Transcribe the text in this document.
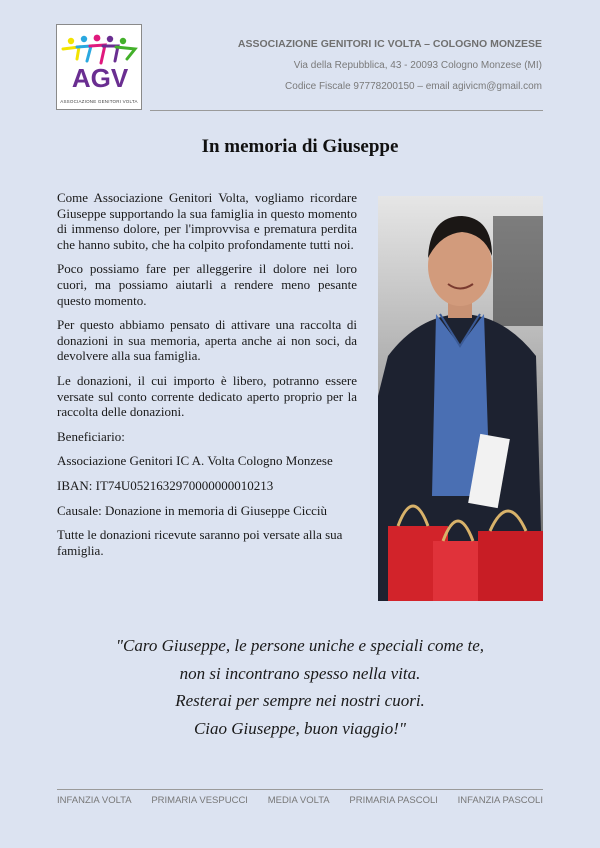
AGV
ASSOCIAZIONE GENITORI VOLTA
ASSOCIAZIONE GENITORI IC VOLTA – COLOGNO MONZESE
Via della Repubblica, 43 - 20093 Cologno Monzese (MI)
Codice Fiscale 97778200150 – email agivicm@gmail.com
In memoria di Giuseppe

Come Associazione Genitori Volta, vogliamo ricordare Giuseppe supportando la sua famiglia in questo momento di immenso dolore, per l'improvvisa e prematura perdita che hanno subito, che ha colpito profondamente tutti noi.

Poco possiamo fare per alleggerire il dolore nei loro cuori, ma possiamo aiutarli a rendere meno pesante questo momento.

Per questo abbiamo pensato di attivare una raccolta di donazioni in sua memoria, aperta anche ai non soci, da devolvere alla sua famiglia.

Le donazioni, il cui importo è libero, potranno essere versate sul conto corrente dedicato aperto proprio per la raccolta delle donazioni.

Beneficiario:

Associazione Genitori IC A. Volta Cologno Monzese

IBAN: IT74U0521632970000000010213

Causale: Donazione in memoria di Giuseppe Cicciù

Tutte le donazioni ricevute saranno poi versate alla sua famiglia.

"Caro Giuseppe, le persone uniche e speciali come te,
non si incontrano spesso nella vita.
Resterai per sempre nei nostri cuori.
Ciao Giuseppe, buon viaggio!"
INFANZIA VOLTA PRIMARIA VESPUCCI MEDIA VOLTA PRIMARIA PASCOLI INFANZIA PASCOLI
